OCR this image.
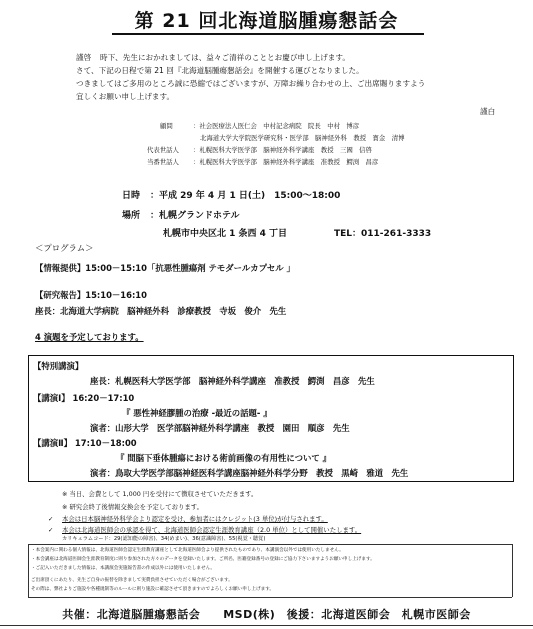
第 21 回北海道脳腫瘍懇話会
謹啓 時下、先生におかれましては、益々ご清祥のこととお慶び申し上げます。
さて、下記の日程で第 21 回『北海道脳腫瘍懇話会』を開催する運びとなりました。
つきましてはご多用のところ誠に恐縮ではございますが、万障お繰り合わせの上、ご出席賜りますよう
宜しくお願い申し上げます。
謹白
顧問	：社会医療法人医仁会　中村記念病院　院長　中村　博彦
北海道大学大学院医学研究科・医学部　脳神経外科　教授　寳金　清博
代表世話人 ：札幌医科大学医学部　脳神経外科学講座　教授　三國　信啓
当番世話人 ：札幌医科大学医学部　脳神経外科学講座　准教授　鰐渕　昌彦
日時 ：平成 29 年 4 月 1 日(土)　15:00～18:00
場所 ：札幌グランドホテル
札幌市中央区北 1 条西 4 丁目	TEL：011-261-3333
＜プログラム＞
【情報提供】15:00－15:10「抗悪性腫瘍剤 テモダールカプセル 」
【研究報告】15:10－16:10
座長：北海道大学病院　脳神経外科　診療教授　寺坂　俊介　先生
4 演題を予定しております。
【特別講演】
座長：札幌医科大学医学部　脳神経外科学講座　准教授　鰐渕　昌彦　先生
【講演Ⅰ】 16:20－17:10
『 悪性神経膠腫の治療 -最近の話題- 』
演者：山形大学　医学部脳神経外科学講座　教授　園田　順彦　先生
【講演Ⅱ】 17:10－18:00
『 間脳下垂体腫瘍における術前画像の有用性について 』
演者：鳥取大学医学部脳神経医科学講座脳神経外科学分野　教授　黒崎　雅道　先生
※ 当日、会費として 1,000 円を受付にて徴収させていただきます。
※ 研究会終了後情報交換会を予定しております。
✓ 本会は日本脳神経外科学会より認定を受け、参加者にはクレジット(3 単位)が付与されます。
✓ 本会は北海道医師会の承認を得て、北海道医師会認定生涯教育講座（2.0 単位）として開催いたします。
カリキュラムコード：29(認知能の障害)、34(めまい)、36(意識障害)、55(視覚・聴覚)
・本会案内に関わる個人情報は、北海道医師会認定生涯教育講座として北海道医師会より提供されたものであり、本講演会以外では使用いたしません。
・本会講座は北海道医師会生涯教育制度に則り参加された方々のデータを登録いたします。ご所名、医籍登録番号の登録にご協力下さいますようお願い申し上げます。
・ご記入いただきました情報は、本講演会実施報告書の作成以外には使用いたしません。
ご出席頂くにあたり、先生ご自身の振替を除きまして実費負担させていただく場合がございます。
その際は、弊社よりご施設や各種規制等のルールに則り施設に確認させて頂きますのでよろしくお願い申し上げます。
共催：北海道脳腫瘍懇話会　　MSD(株)　後援：北海道医師会　札幌市医師会
